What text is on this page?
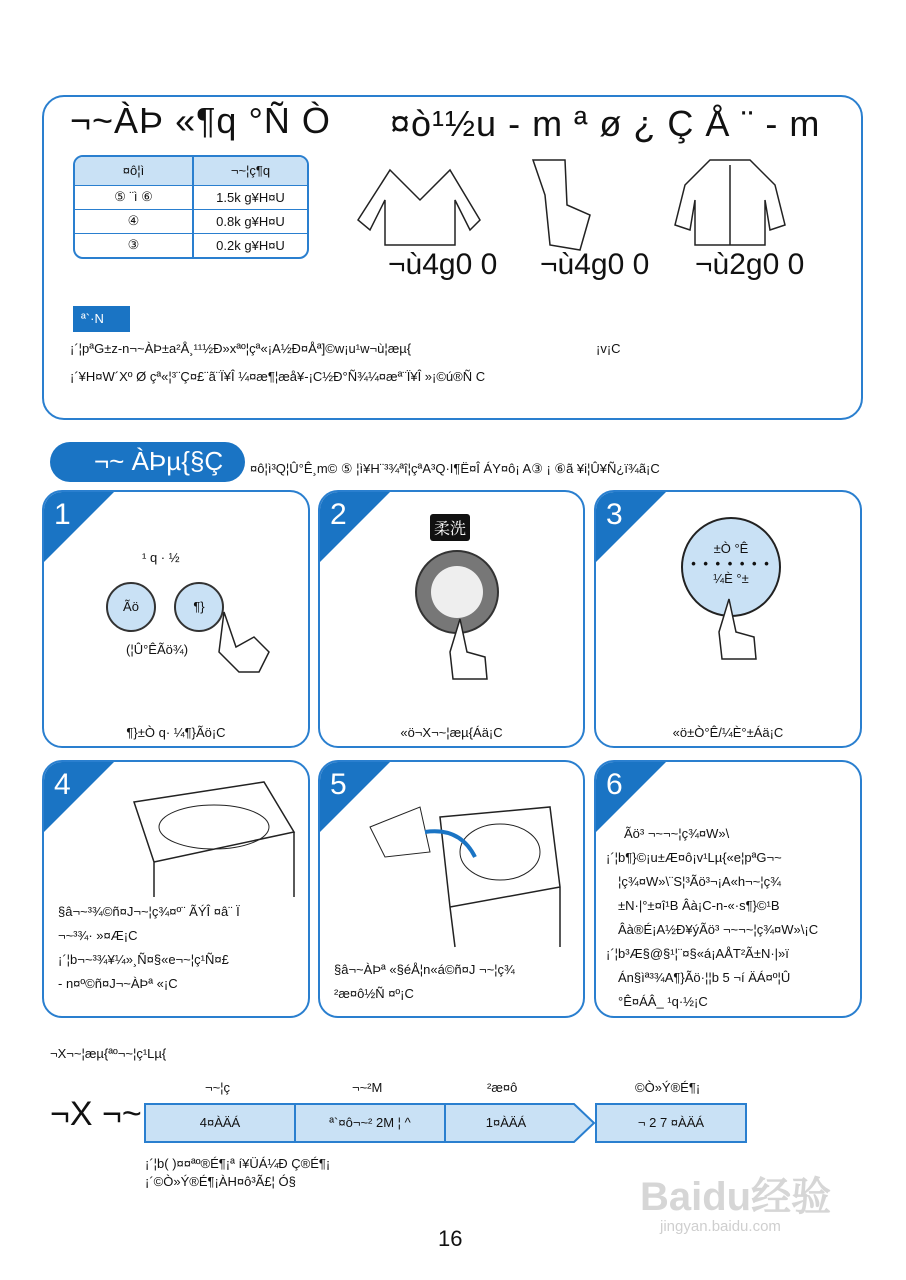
¬~ÀÞ «¶q °Ñ Ò ¤ò¹½u - m ª ø ¿ Ç Å ¨ - m
¤ô¦ì	¬~¦ç¶q
⑤ ¨ì ⑥	1.5k g¥H¤U
④	0.8k g¥H¤U
③	0.2k g¥H¤U
¬ù4g0 0 ¬ù4g0 0 ¬ù2g0 0
ª`·N
¡´¦pªG±z-n¬~ÀÞ±a²Å¸¹¹½Ð»xªº¦çª«¡A½Ð¤Åª]©w¡u¹w¬ù¦æµ{	¡v¡C
¡´¥H¤W´Xº Ø çª«¦³¨Ç¤£¨ã¨Ï¥Î ¼¤æ¶¦æå¥-¡C½Ð°Ñ¾¼¤æª¨Ï¥Î »¡©ú®Ñ C
¬~ ÀÞµ{§Ç	¤ô¦ì³Q¦Û°Ê¸m© ⑤ ¦ì¥H¨³¾ªî¦çªA³Q·I¶Ë¤Î ÁY¤ô¡ A③ ¡ ⑥ã ¥i¦Û¥Ñ¿ï¾ã¡C
1
¹ q · ½
Ãö	¶}
(¦Û°ÊÃö¾)
¶}±Ò q· ¼¶}Ãö¡C
2	柔洗
«ö¬X¬~¦æµ{Áä¡C
3
±Ò °Ê
• • • • • • •
¼È °±
«ö±Ò°Ê/¼È°±Áä¡C
4
§â¬~³¾©ñ¤J¬~¦ç¾¤º¨ ÃÝÎ ¤â¨ Ï
¬~³¾· »¤Æ¡C
¡´¦b¬~³¾¥¼»¸Ñ¤§«e¬~¦ç¹Ñ¤£
- n¤º©ñ¤J¬~ÀÞª «¡C
5
§â¬~ÀÞª «§éÅ¦n«á©ñ¤J ¬~¦ç¾
²æ¤ô½Ñ ¤º¡C
6
Ãö³ ¬~¬~¦ç¾¤W»\
¡´¦b¶}©¡u±Æ¤ô¡v¹Lµ{«e¦pªG¬~
¦ç¾¤W»\¨S¦³Ãö³¬¡A«h¬~¦ç¾
±N·|°±¤î¹B Âà¡C-n-«·s¶}©¹B
Âà®É¡A½Ð¥ýÃö³ ¬~¬~¦ç¾¤W»\¡C
¡´¦b³Æ§@§¹¦¨¤§«á¡AÅT²Ã±N·|»ï
Án§ìª³¾A¶}Ãö·¦¦b 5 ¬í ÄÁ¤º¦Û
°Ê¤ÁÂ_ ¹q·½¡C
¬X¬~¦æµ{ªº¬~¦ç¹Lµ{
¬X ¬~
¬~¦ç	¬~²M	²æ¤ô	©Ò»Ý®É¶¡
4¤ÀÄÁ	ª`¤ô¬~² 2M ¦ ^	1¤ÀÄÁ	¬ 2 7 ¤ÀÄÁ
¡´¦b( )¤¤ªº®É¶¡ª í¥ÜÁ¼Ð Ç®É¶¡
¡´©Ò»Ý®É¶¡ÀH¤ô³Ã£¦ Ó§	Baidu经验
jingyan.baidu.com
16
